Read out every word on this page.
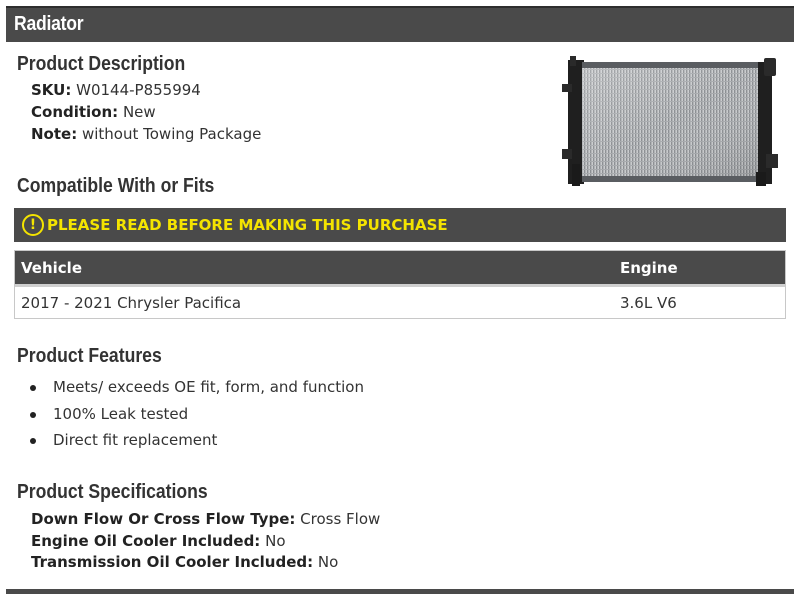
Radiator
Product Description
SKU: W0144-P855994
Condition: New
Note: without Towing Package
Compatible With or Fits
! PLEASE READ BEFORE MAKING THIS PURCHASE
Vehicle	Engine
2017 - 2021 Chrysler Pacifica	3.6L V6
Product Features
Meets/ exceeds OE fit, form, and function
100% Leak tested
Direct fit replacement
Product Specifications
Down Flow Or Cross Flow Type: Cross Flow
Engine Oil Cooler Included: No
Transmission Oil Cooler Included: No
